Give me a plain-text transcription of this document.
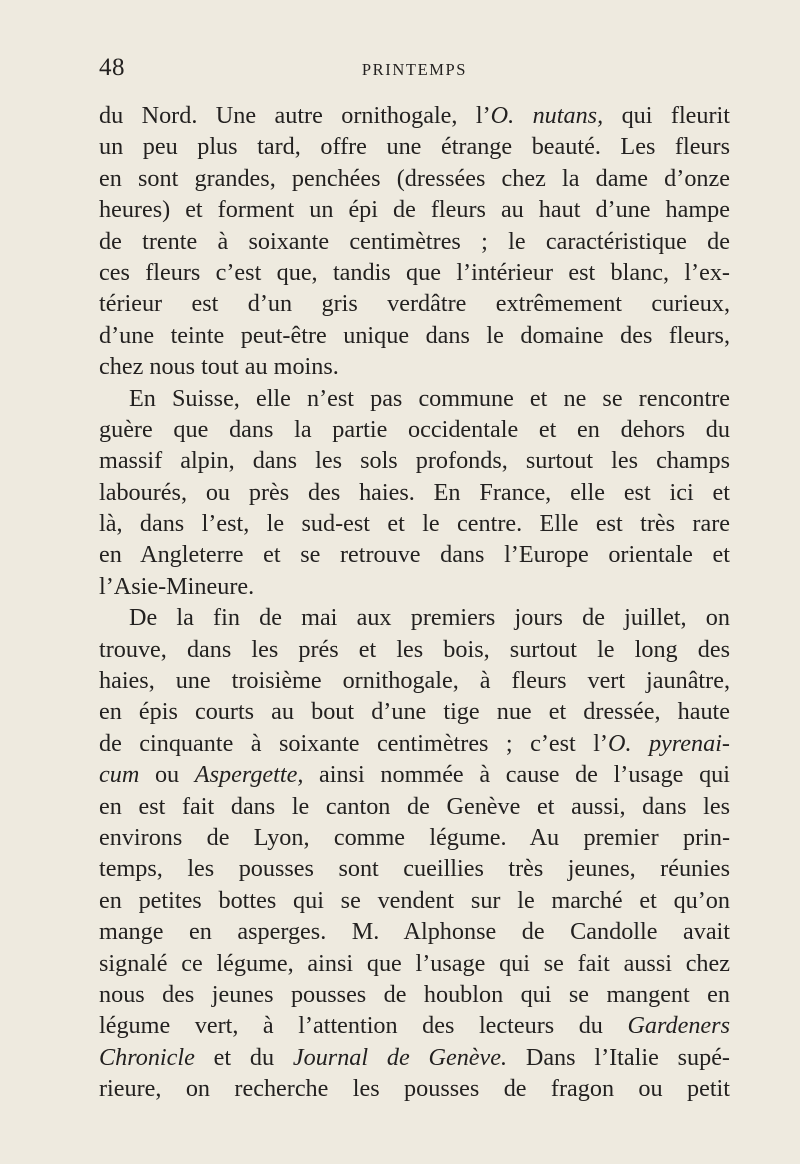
48	PRINTEMPS
du Nord. Une autre ornithogale, l’O. nutans, qui fleurit
un peu plus tard, offre une étrange beauté. Les fleurs
en sont grandes, penchées (dressées chez la dame d’onze
heures) et forment un épi de fleurs au haut d’une hampe
de trente à soixante centimètres ; le caractéristique de
ces fleurs c’est que, tandis que l’intérieur est blanc, l’ex-
térieur est d’un gris verdâtre extrêmement curieux,
d’une teinte peut-être unique dans le domaine des fleurs,
chez nous tout au moins.
En Suisse, elle n’est pas commune et ne se rencontre
guère que dans la partie occidentale et en dehors du
massif alpin, dans les sols profonds, surtout les champs
labourés, ou près des haies. En France, elle est ici et
là, dans l’est, le sud-est et le centre. Elle est très rare
en Angleterre et se retrouve dans l’Europe orientale et
l’Asie-Mineure.
De la fin de mai aux premiers jours de juillet, on
trouve, dans les prés et les bois, surtout le long des
haies, une troisième ornithogale, à fleurs vert jaunâtre,
en épis courts au bout d’une tige nue et dressée, haute
de cinquante à soixante centimètres ; c’est l’O. pyrenai-
cum ou Aspergette, ainsi nommée à cause de l’usage qui
en est fait dans le canton de Genève et aussi, dans les
environs de Lyon, comme légume. Au premier prin-
temps, les pousses sont cueillies très jeunes, réunies
en petites bottes qui se vendent sur le marché et qu’on
mange en asperges. M. Alphonse de Candolle avait
signalé ce légume, ainsi que l’usage qui se fait aussi chez
nous des jeunes pousses de houblon qui se mangent en
légume vert, à l’attention des lecteurs du Gardeners
Chronicle et du Journal de Genève. Dans l’Italie supé-
rieure, on recherche les pousses de fragon ou petit
